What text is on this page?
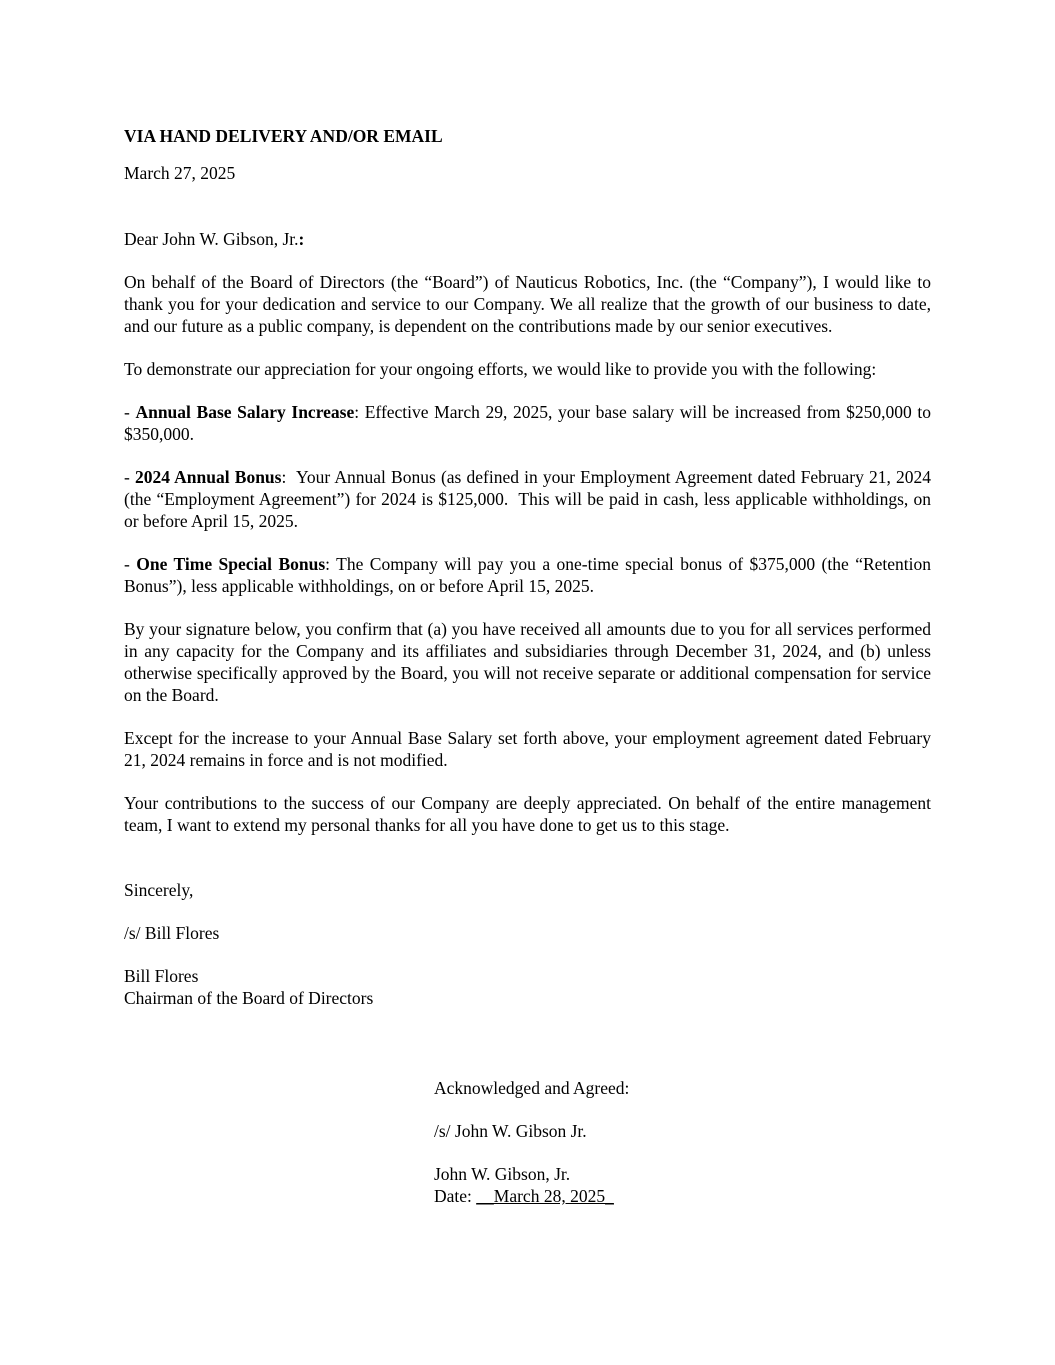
VIA HAND DELIVERY AND/OR EMAIL

March 27, 2025

Dear John W. Gibson, Jr.:

On behalf of the Board of Directors (the “Board”) of Nauticus Robotics, Inc. (the “Company”), I would like to thank you for your dedication and service to our Company. We all realize that the growth of our business to date, and our future as a public company, is dependent on the contributions made by our senior executives.

To demonstrate our appreciation for your ongoing efforts, we would like to provide you with the following:

- Annual Base Salary Increase: Effective March 29, 2025, your base salary will be increased from $250,000 to $350,000.

- 2024 Annual Bonus:  Your Annual Bonus (as defined in your Employment Agreement dated February 21, 2024 (the “Employment Agreement”) for 2024 is $125,000.  This will be paid in cash, less applicable withholdings, on or before April 15, 2025.

- One Time Special Bonus: The Company will pay you a one-time special bonus of $375,000 (the “Retention Bonus”), less applicable withholdings, on or before April 15, 2025.

By your signature below, you confirm that (a) you have received all amounts due to you for all services performed in any capacity for the Company and its affiliates and subsidiaries through December 31, 2024, and (b) unless otherwise specifically approved by the Board, you will not receive separate or additional compensation for service on the Board.

Except for the increase to your Annual Base Salary set forth above, your employment agreement dated February 21, 2024 remains in force and is not modified.

Your contributions to the success of our Company are deeply appreciated. On behalf of the entire management team, I want to extend my personal thanks for all you have done to get us to this stage.

Sincerely,

/s/ Bill Flores

Bill Flores

Chairman of the Board of Directors

Acknowledged and Agreed:

/s/ John W. Gibson Jr.

John W. Gibson, Jr.

Date: __March 28, 2025_
